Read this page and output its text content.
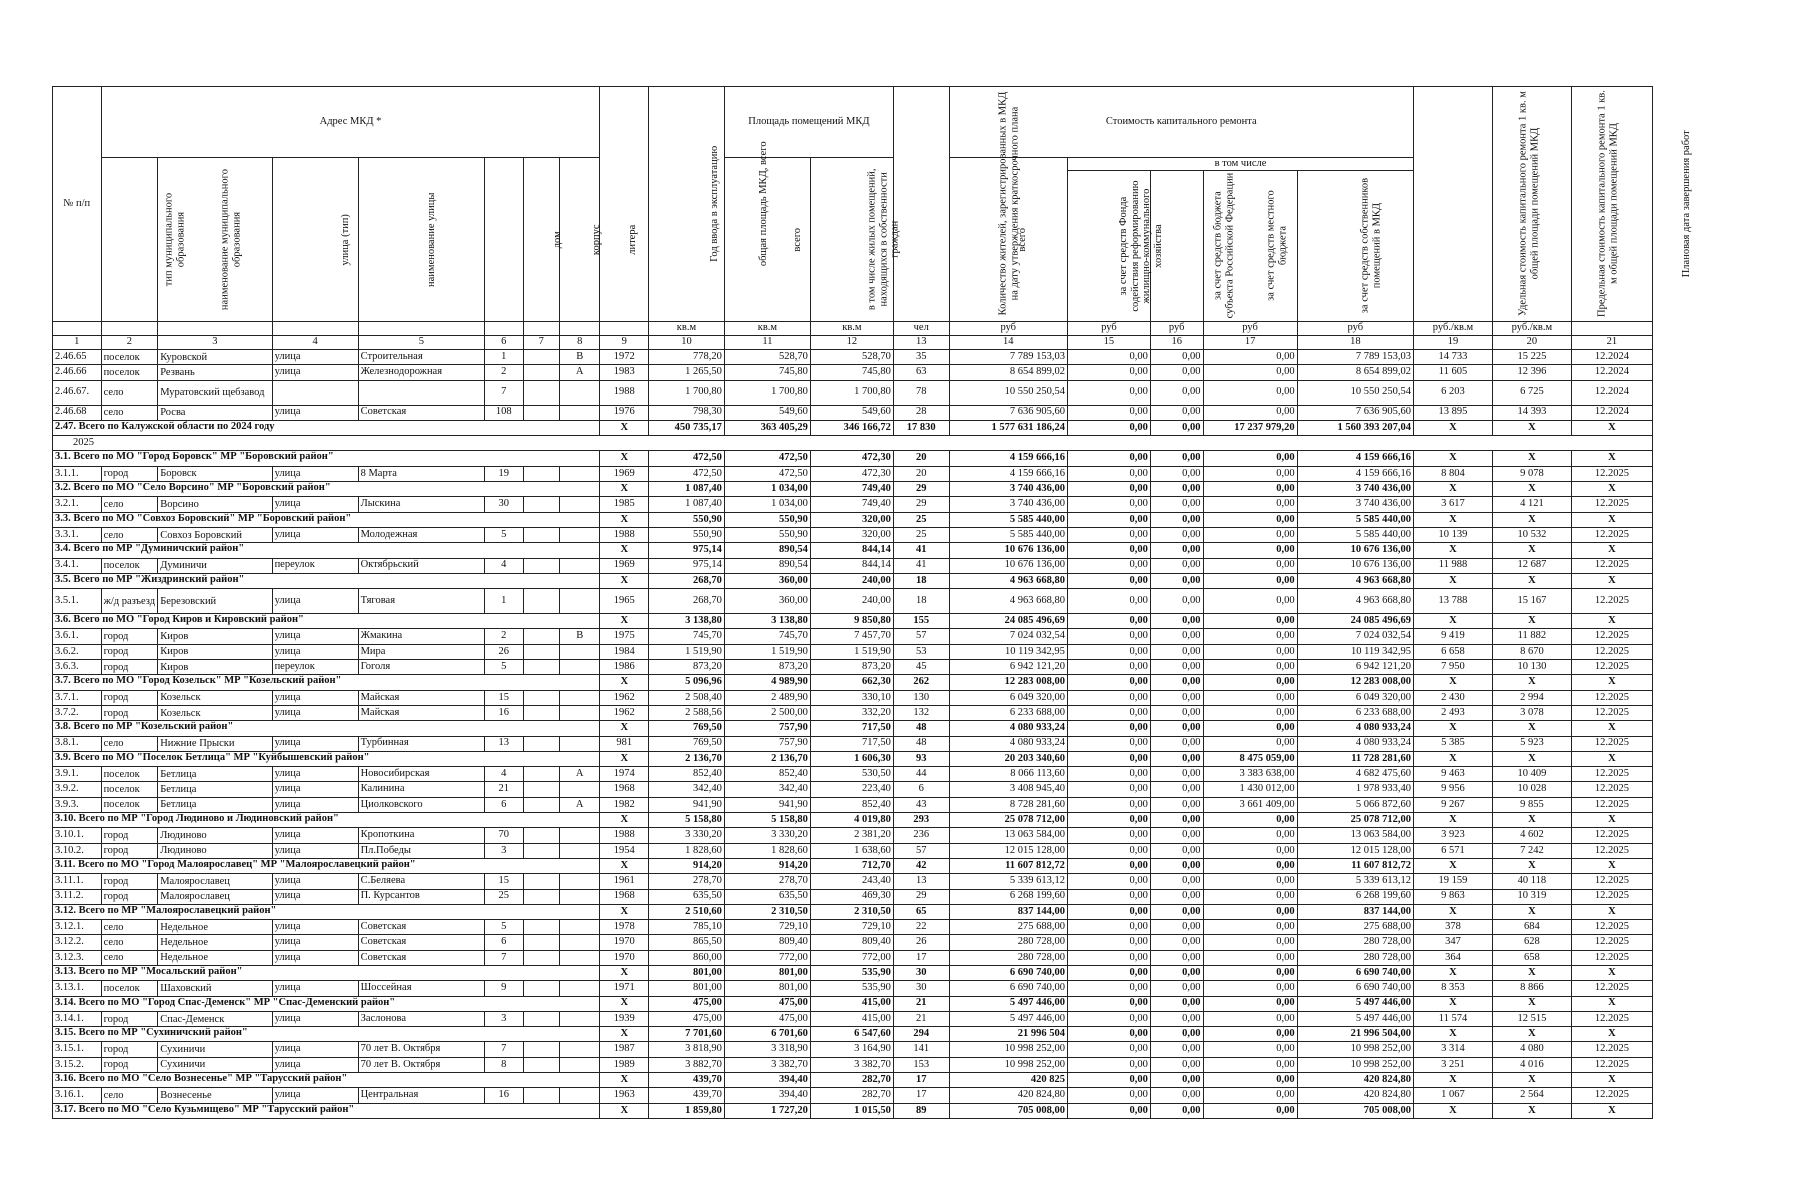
№ п/п	Адрес МКД *							Год ввода в эксплуатацию	общая площадь МКД, всего	Площадь помещений МКД		Количество жителей, зарегистрированных в МКД на дату утверждения краткосрочного плана	Стоимость капитального ремонта					Удельная стоимость капитального ремонта 1 кв. м общей площади помещений МКД	Предельная стоимость капитального ремонта 1 кв. м общей площади помещений МКД	Плановая дата завершения работ
	тип муниципального образования	наименование муниципального образования	улица (тип)	наименование улицы	дом	корпус	литера			всего	в том числе жилых помещений, находящихся в собственности граждан		всего	в том числе						
														за счет средств Фонда содействия реформированию жилищно-коммунального хозяйства	за счет средств бюджета субъекта Российской Федерации	за счет средств местного бюджета	за счет средств собственников помещений в МКД			
									кв.м	кв.м	кв.м	чел	руб	руб	руб	руб	руб	руб./кв.м	руб./кв.м	
1	2	3	4	5	6	7	8	9	10	11	12	13	14	15	16	17	18	19	20	21
2.46.65	поселок	Куровской	улица	Строительная	1		В	1972	778,20	528,70	528,70	35	7 789 153,03	0,00	0,00	0,00	7 789 153,03	14 733	15 225	12.2024
2.46.66	поселок	Резвань	улица	Железнодорожная	2		А	1983	1 265,50	745,80	745,80	63	8 654 899,02	0,00	0,00	0,00	8 654 899,02	11 605	12 396	12.2024
2.46.67.	село	Муратовский щебзавод			7			1988	1 700,80	1 700,80	1 700,80	78	10 550 250,54	0,00	0,00	0,00	10 550 250,54	6 203	6 725	12.2024
2.46.68	село	Росва	улица	Советская	108			1976	798,30	549,60	549,60	28	7 636 905,60	0,00	0,00	0,00	7 636 905,60	13 895	14 393	12.2024

2.47. Всего по Калужской области по 2024 году								X	450 735,17	363 405,29	346 166,72	17 830	1 577 631 186,24	0,00	0,00	17 237 979,20	1 560 393 207,04	X	X	X
2025																				

3.1. Всего по МО "Город Боровск" МР "Боровский район"								X	472,50	472,50	472,30	20	4 159 666,16	0,00	0,00	0,00	4 159 666,16	X	X	X
3.1.1.	город	Боровск	улица	8 Марта	19			1969	472,50	472,50	472,30	20	4 159 666,16	0,00	0,00	0,00	4 159 666,16	8 804	9 078	12.2025

3.2. Всего по МО "Село Ворсино" МР "Боровский район"								X	1 087,40	1 034,00	749,40	29	3 740 436,00	0,00	0,00	0,00	3 740 436,00	X	X	X
3.2.1.	село	Ворсино	улица	Лыскина	30			1985	1 087,40	1 034,00	749,40	29	3 740 436,00	0,00	0,00	0,00	3 740 436,00	3 617	4 121	12.2025

3.3. Всего по МО "Совхоз Боровский" МР "Боровский район"								X	550,90	550,90	320,00	25	5 585 440,00	0,00	0,00	0,00	5 585 440,00	X	X	X
3.3.1.	село	Совхоз Боровский	улица	Молодежная	5			1988	550,90	550,90	320,00	25	5 585 440,00	0,00	0,00	0,00	5 585 440,00	10 139	10 532	12.2025

3.4. Всего по МР "Думиничский район"								X	975,14	890,54	844,14	41	10 676 136,00	0,00	0,00	0,00	10 676 136,00	X	X	X
3.4.1.	поселок	Думиничи	переулок	Октябрьский	4			1969	975,14	890,54	844,14	41	10 676 136,00	0,00	0,00	0,00	10 676 136,00	11 988	12 687	12.2025

3.5. Всего по МР "Жиздринский район"								X	268,70	360,00	240,00	18	4 963 668,80	0,00	0,00	0,00	4 963 668,80	X	X	X
3.5.1.	ж/д разъезд	Березовский	улица	Тяговая	1			1965	268,70	360,00	240,00	18	4 963 668,80	0,00	0,00	0,00	4 963 668,80	13 788	15 167	12.2025

3.6. Всего по МО "Город Киров и Кировский район"								X	3 138,80	3 138,80	9 850,80	155	24 085 496,69	0,00	0,00	0,00	24 085 496,69	X	X	X
3.6.1.	город	Киров	улица	Жмакина	2		В	1975	745,70	745,70	7 457,70	57	7 024 032,54	0,00	0,00	0,00	7 024 032,54	9 419	11 882	12.2025
3.6.2.	город	Киров	улица	Мира	26			1984	1 519,90	1 519,90	1 519,90	53	10 119 342,95	0,00	0,00	0,00	10 119 342,95	6 658	8 670	12.2025
3.6.3.	город	Киров	переулок	Гоголя	5			1986	873,20	873,20	873,20	45	6 942 121,20	0,00	0,00	0,00	6 942 121,20	7 950	10 130	12.2025

3.7. Всего по МО "Город Козельск" МР "Козельский район"								X	5 096,96	4 989,90	662,30	262	12 283 008,00	0,00	0,00	0,00	12 283 008,00	X	X	X
3.7.1.	город	Козельск	улица	Майская	15			1962	2 508,40	2 489,90	330,10	130	6 049 320,00	0,00	0,00	0,00	6 049 320,00	2 430	2 994	12.2025
3.7.2.	город	Козельск	улица	Майская	16			1962	2 588,56	2 500,00	332,20	132	6 233 688,00	0,00	0,00	0,00	6 233 688,00	2 493	3 078	12.2025

3.8. Всего по МР "Козельский район"								X	769,50	757,90	717,50	48	4 080 933,24	0,00	0,00	0,00	4 080 933,24	X	X	X
3.8.1.	село	Нижние Прыски	улица	Турбинная	13			981	769,50	757,90	717,50	48	4 080 933,24	0,00	0,00	0,00	4 080 933,24	5 385	5 923	12.2025

3.9. Всего по МО "Поселок Бетлица" МР "Куйбышевский район"								X	2 136,70	2 136,70	1 606,30	93	20 203 340,60	0,00	0,00	8 475 059,00	11 728 281,60	X	X	X
3.9.1.	поселок	Бетлица	улица	Новосибирская	4		А	1974	852,40	852,40	530,50	44	8 066 113,60	0,00	0,00	3 383 638,00	4 682 475,60	9 463	10 409	12.2025
3.9.2.	поселок	Бетлица	улица	Калинина	21			1968	342,40	342,40	223,40	6	3 408 945,40	0,00	0,00	1 430 012,00	1 978 933,40	9 956	10 028	12.2025
3.9.3.	поселок	Бетлица	улица	Циолковского	6		А	1982	941,90	941,90	852,40	43	8 728 281,60	0,00	0,00	3 661 409,00	5 066 872,60	9 267	9 855	12.2025

3.10. Всего по МР "Город Людиново и Людиновский район"								X	5 158,80	5 158,80	4 019,80	293	25 078 712,00	0,00	0,00	0,00	25 078 712,00	X	X	X
3.10.1.	город	Людиново	улица	Кропоткина	70			1988	3 330,20	3 330,20	2 381,20	236	13 063 584,00	0,00	0,00	0,00	13 063 584,00	3 923	4 602	12.2025
3.10.2.	город	Людиново	улица	Пл.Победы	3			1954	1 828,60	1 828,60	1 638,60	57	12 015 128,00	0,00	0,00	0,00	12 015 128,00	6 571	7 242	12.2025

3.11. Всего по МО "Город Малоярославец" МР "Малоярославецкий район"								X	914,20	914,20	712,70	42	11 607 812,72	0,00	0,00	0,00	11 607 812,72	X	X	X
3.11.1.	город	Малоярославец	улица	С.Беляева	15			1961	278,70	278,70	243,40	13	5 339 613,12	0,00	0,00	0,00	5 339 613,12	19 159	40 118	12.2025
3.11.2.	город	Малоярославец	улица	П. Курсантов	25			1968	635,50	635,50	469,30	29	6 268 199,60	0,00	0,00	0,00	6 268 199,60	9 863	10 319	12.2025

3.12. Всего по МР "Малоярославецкий район"								X	2 510,60	2 310,50	2 310,50	65	837 144,00	0,00	0,00	0,00	837 144,00	X	X	X
3.12.1.	село	Недельное	улица	Советская	5			1978	785,10	729,10	729,10	22	275 688,00	0,00	0,00	0,00	275 688,00	378	684	12.2025
3.12.2.	село	Недельное	улица	Советская	6			1970	865,50	809,40	809,40	26	280 728,00	0,00	0,00	0,00	280 728,00	347	628	12.2025
3.12.3.	село	Недельное	улица	Советская	7			1970	860,00	772,00	772,00	17	280 728,00	0,00	0,00	0,00	280 728,00	364	658	12.2025

3.13. Всего по МР "Мосальский район"								X	801,00	801,00	535,90	30	6 690 740,00	0,00	0,00	0,00	6 690 740,00	X	X	X
3.13.1.	поселок	Шаховский	улица	Шоссейная	9			1971	801,00	801,00	535,90	30	6 690 740,00	0,00	0,00	0,00	6 690 740,00	8 353	8 866	12.2025

3.14. Всего по МО "Город Спас-Деменск" МР "Спас-Деменский район"								X	475,00	475,00	415,00	21	5 497 446,00	0,00	0,00	0,00	5 497 446,00	X	X	X
3.14.1.	город	Спас-Деменск	улица	Заслонова	3			1939	475,00	475,00	415,00	21	5 497 446,00	0,00	0,00	0,00	5 497 446,00	11 574	12 515	12.2025

3.15. Всего по МР "Сухиничский район"								X	7 701,60	6 701,60	6 547,60	294	21 996 504	0,00	0,00	0,00	21 996 504,00	X	X	X
3.15.1.	город	Сухиничи	улица	70 лет В. Октября	7			1987	3 818,90	3 318,90	3 164,90	141	10 998 252,00	0,00	0,00	0,00	10 998 252,00	3 314	4 080	12.2025
3.15.2.	город	Сухиничи	улица	70 лет В. Октября	8			1989	3 882,70	3 382,70	3 382,70	153	10 998 252,00	0,00	0,00	0,00	10 998 252,00	3 251	4 016	12.2025

3.16. Всего по МО "Село Вознесенье" МР "Тарусский район"								X	439,70	394,40	282,70	17	420 825	0,00	0,00	0,00	420 824,80	X	X	X
3.16.1.	село	Вознесенье	улица	Центральная	16			1963	439,70	394,40	282,70	17	420 824,80	0,00	0,00	0,00	420 824,80	1 067	2 564	12.2025

3.17. Всего по МО "Село Кузьмищево" МР "Тарусский район"								X	1 859,80	1 727,20	1 015,50	89	705 008,00	0,00	0,00	0,00	705 008,00	X	X	X
